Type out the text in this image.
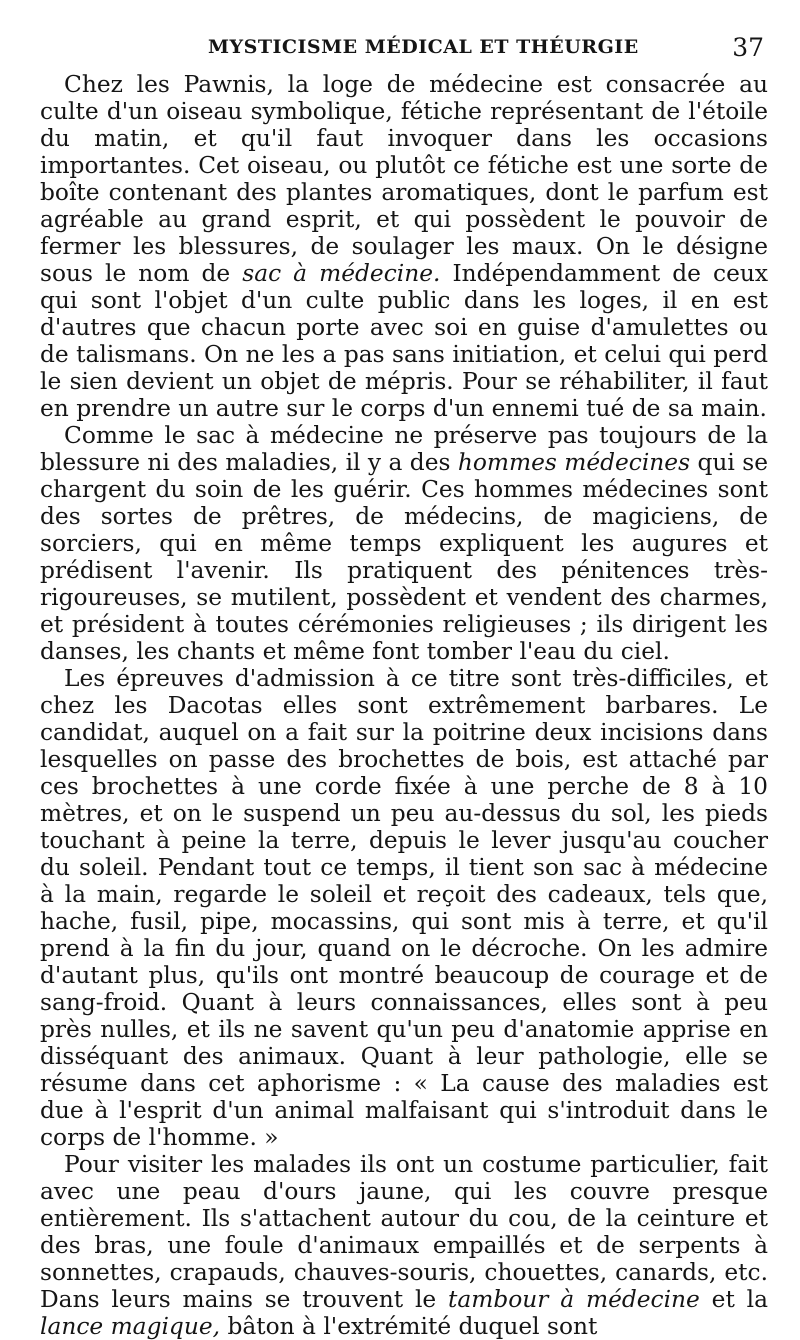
MYSTICISME MÉDICAL ET THÉURGIE	37

Chez les Pawnis, la loge de médecine est consacrée au culte d'un oiseau symbolique, fétiche représentant de l'étoile du matin, et qu'il faut invoquer dans les occasions importantes. Cet oiseau, ou plutôt ce fétiche est une sorte de boîte contenant des plantes aromatiques, dont le parfum est agréable au grand esprit, et qui possèdent le pouvoir de fermer les blessures, de soulager les maux. On le désigne sous le nom de sac à médecine. Indépendamment de ceux qui sont l'objet d'un culte public dans les loges, il en est d'autres que chacun porte avec soi en guise d'amulettes ou de talismans. On ne les a pas sans initiation, et celui qui perd le sien devient un objet de mépris. Pour se réhabiliter, il faut en prendre un autre sur le corps d'un ennemi tué de sa main.

Comme le sac à médecine ne préserve pas toujours de la blessure ni des maladies, il y a des hommes médecines qui se chargent du soin de les guérir. Ces hommes médecines sont des sortes de prêtres, de médecins, de magiciens, de sorciers, qui en même temps expliquent les augures et prédisent l'avenir. Ils pratiquent des pénitences très-rigoureuses, se mutilent, possèdent et vendent des charmes, et président à toutes cérémonies religieuses ; ils dirigent les danses, les chants et même font tomber l'eau du ciel.

Les épreuves d'admission à ce titre sont très-difficiles, et chez les Dacotas elles sont extrêmement barbares. Le candidat, auquel on a fait sur la poitrine deux incisions dans lesquelles on passe des brochettes de bois, est attaché par ces brochettes à une corde fixée à une perche de 8 à 10 mètres, et on le suspend un peu au-dessus du sol, les pieds touchant à peine la terre, depuis le lever jusqu'au coucher du soleil. Pendant tout ce temps, il tient son sac à médecine à la main, regarde le soleil et reçoit des cadeaux, tels que, hache, fusil, pipe, mocassins, qui sont mis à terre, et qu'il prend à la fin du jour, quand on le décroche. On les admire d'autant plus, qu'ils ont montré beaucoup de courage et de sang-froid. Quant à leurs connaissances, elles sont à peu près nulles, et ils ne savent qu'un peu d'anatomie apprise en disséquant des animaux. Quant à leur pathologie, elle se résume dans cet aphorisme : « La cause des maladies est due à l'esprit d'un animal malfaisant qui s'introduit dans le corps de l'homme. »

Pour visiter les malades ils ont un costume particulier, fait avec une peau d'ours jaune, qui les couvre presque entièrement. Ils s'attachent autour du cou, de la ceinture et des bras, une foule d'animaux empaillés et de serpents à sonnettes, crapauds, chauves-souris, chouettes, canards, etc. Dans leurs mains se trouvent le tambour à médecine et la lance magique, bâton à l'extrémité duquel sont
